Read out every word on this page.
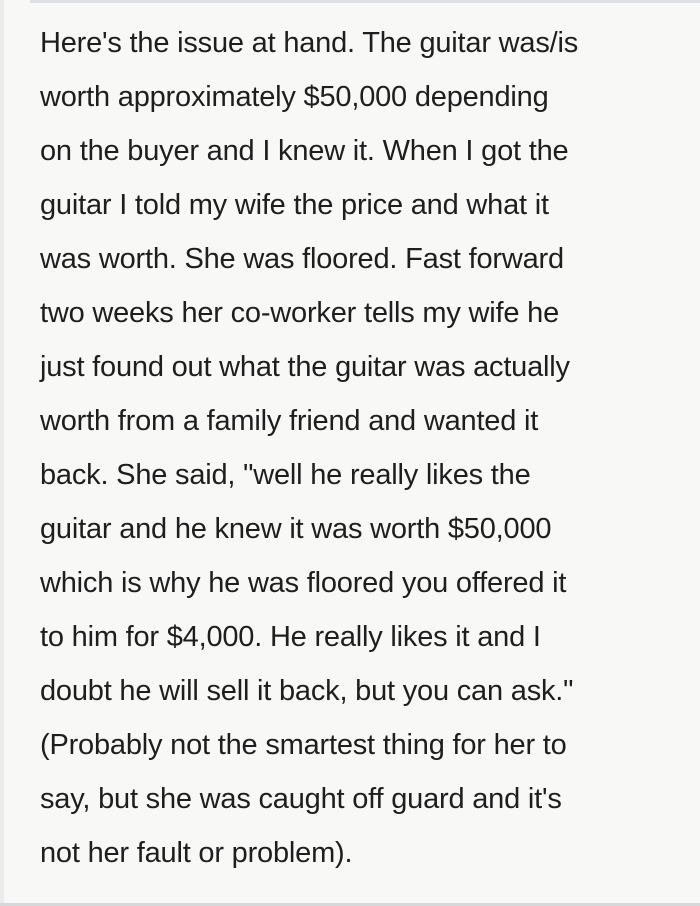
Here's the issue at hand. The guitar was/is

worth approximately $50,000 depending

on the buyer and I knew it. When I got the

guitar I told my wife the price and what it

was worth. She was floored. Fast forward

two weeks her co-worker tells my wife he

just found out what the guitar was actually

worth from a family friend and wanted it

back. She said, "well he really likes the

guitar and he knew it was worth $50,000

which is why he was floored you offered it

to him for $4,000. He really likes it and I

doubt he will sell it back, but you can ask."

(Probably not the smartest thing for her to

say, but she was caught off guard and it's

not her fault or problem).
